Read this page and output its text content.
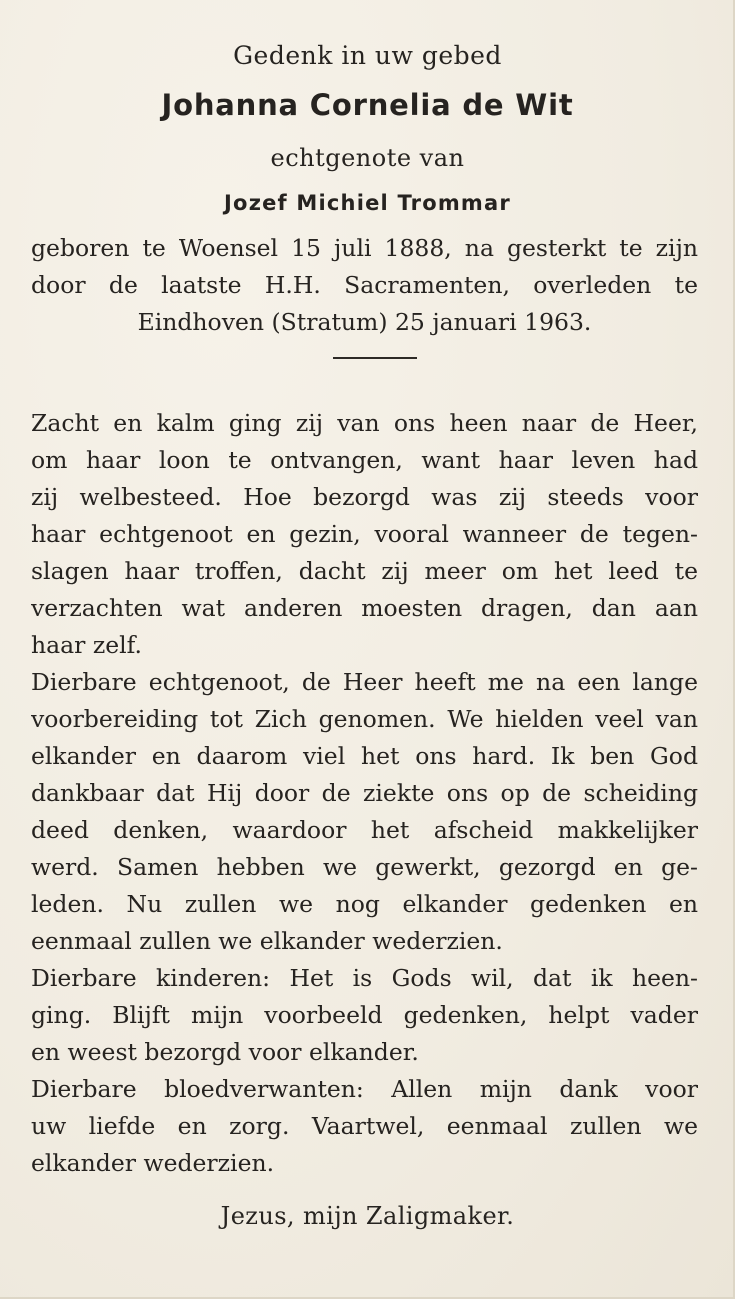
Gedenk in uw gebed
Johanna Cornelia de Wit
echtgenote van
Jozef Michiel Trommar
geboren te Woensel 15 juli 1888, na gesterkt te zijn
door de laatste H.H. Sacramenten, overleden te
Eindhoven (Stratum) 25 januari 1963.
Zacht en kalm ging zij van ons heen naar de Heer,
om haar loon te ontvangen, want haar leven had
zij welbesteed. Hoe bezorgd was zij steeds voor
haar echtgenoot en gezin, vooral wanneer de tegen-
slagen haar troffen, dacht zij meer om het leed te
verzachten wat anderen moesten dragen, dan aan
haar zelf.
Dierbare echtgenoot, de Heer heeft me na een lange
voorbereiding tot Zich genomen. We hielden veel van
elkander en daarom viel het ons hard. Ik ben God
dankbaar dat Hij door de ziekte ons op de scheiding
deed denken, waardoor het afscheid makkelijker
werd. Samen hebben we gewerkt, gezorgd en ge-
leden. Nu zullen we nog elkander gedenken en
eenmaal zullen we elkander wederzien.
Dierbare kinderen: Het is Gods wil, dat ik heen-
ging. Blijft mijn voorbeeld gedenken, helpt vader
en weest bezorgd voor elkander.
Dierbare bloedverwanten: Allen mijn dank voor
uw liefde en zorg. Vaartwel, eenmaal zullen we
elkander wederzien.
Jezus, mijn Zaligmaker.
